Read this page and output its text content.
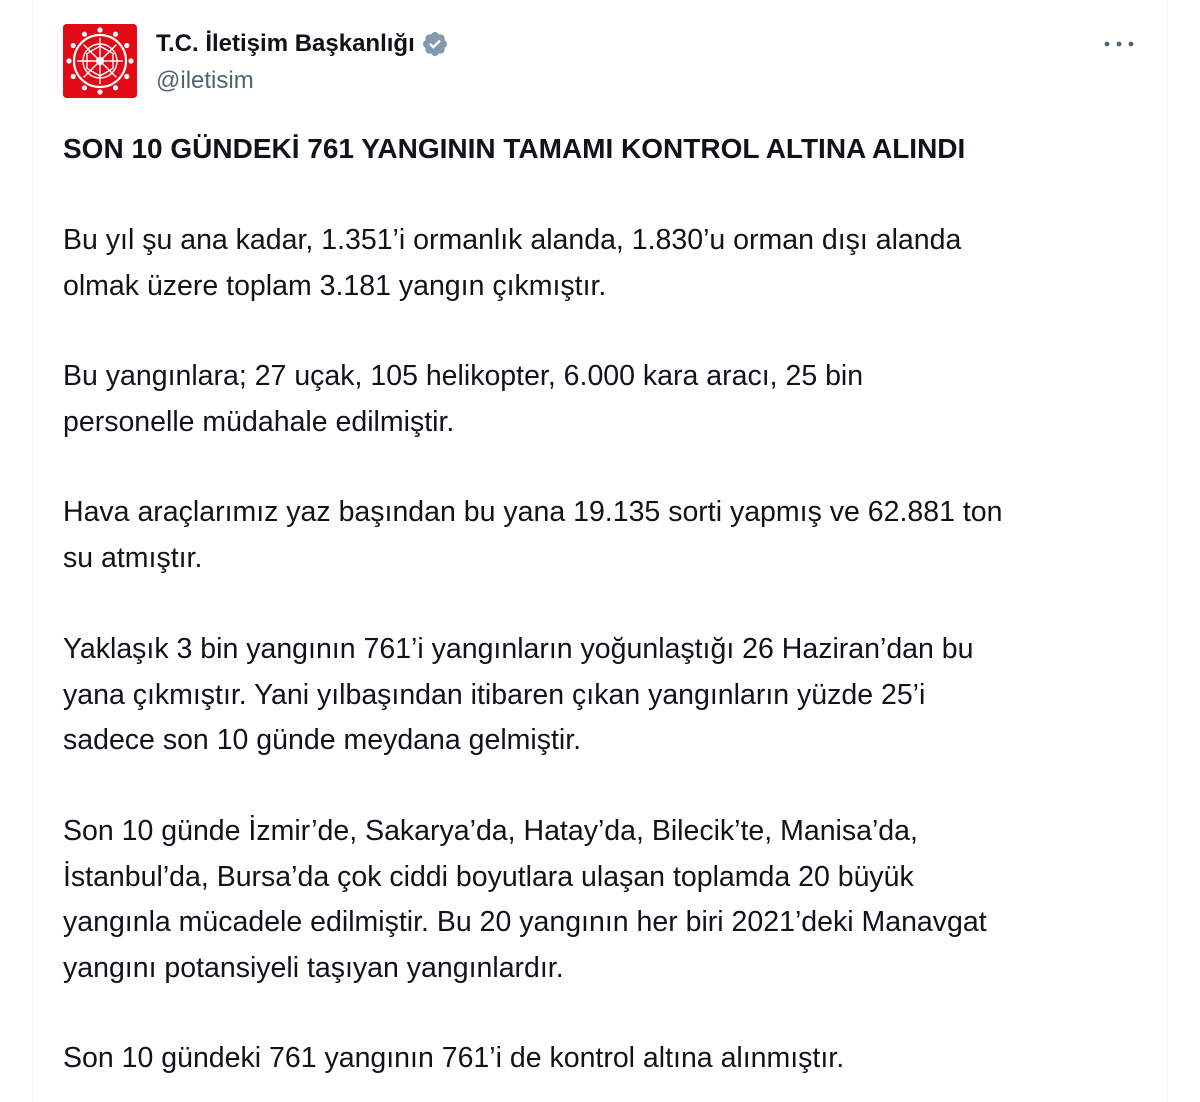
T.C. İletişim Başkanlığı
@iletisim
SON 10 GÜNDEKİ 761 YANGININ TAMAMI KONTROL ALTINA ALINDI

Bu yıl şu ana kadar, 1.351’i ormanlık alanda, 1.830’u orman dışı alanda
olmak üzere toplam 3.181 yangın çıkmıştır.

Bu yangınlara; 27 uçak, 105 helikopter, 6.000 kara aracı, 25 bin
personelle müdahale edilmiştir.

Hava araçlarımız yaz başından bu yana 19.135 sorti yapmış ve 62.881 ton
su atmıştır.

Yaklaşık 3 bin yangının 761’i yangınların yoğunlaştığı 26 Haziran’dan bu
yana çıkmıştır. Yani yılbaşından itibaren çıkan yangınların yüzde 25’i
sadece son 10 günde meydana gelmiştir.

Son 10 günde İzmir’de, Sakarya’da, Hatay’da, Bilecik’te, Manisa’da,
İstanbul’da, Bursa’da çok ciddi boyutlara ulaşan toplamda 20 büyük
yangınla mücadele edilmiştir. Bu 20 yangının her biri 2021’deki Manavgat
yangını potansiyeli taşıyan yangınlardır.

Son 10 gündeki 761 yangının 761’i de kontrol altına alınmıştır.
